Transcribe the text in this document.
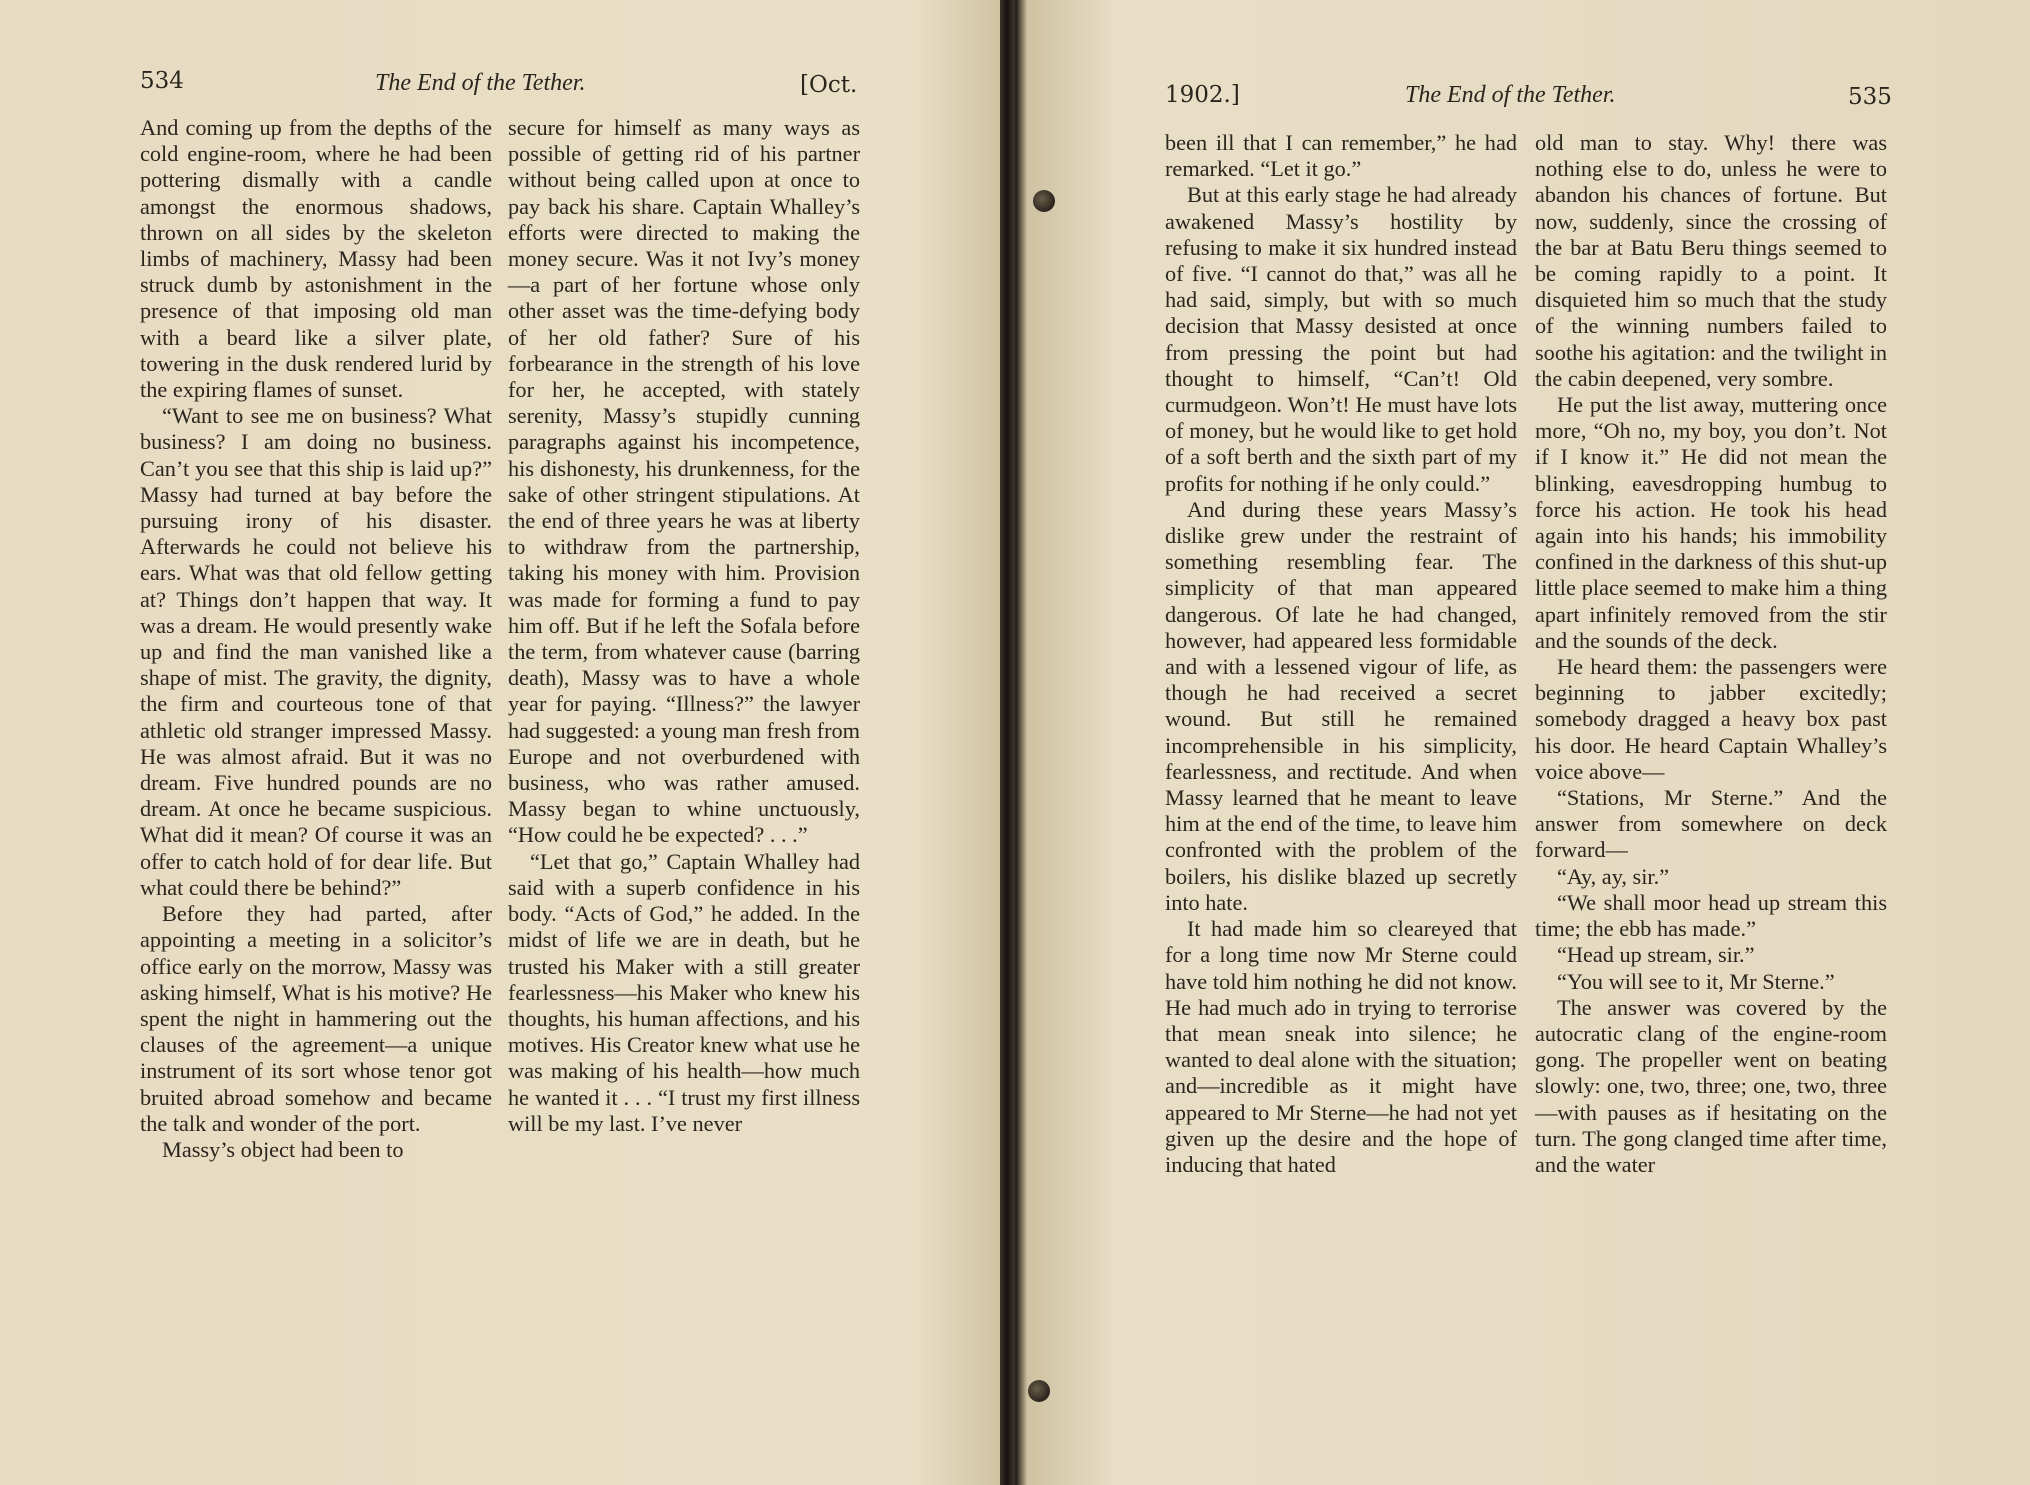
534	The End of the Tether.	[Oct.

And coming up from the depths of the cold engine-room, where he had been pottering dismally with a candle amongst the enormous shadows, thrown on all sides by the skeleton limbs of machinery, Massy had been struck dumb by astonishment in the presence of that imposing old man with a beard like a silver plate, towering in the dusk rendered lurid by the expiring flames of sunset.

“Want to see me on business? What business? I am doing no business. Can’t you see that this ship is laid up?” Massy had turned at bay before the pursuing irony of his disaster. Afterwards he could not believe his ears. What was that old fellow getting at? Things don’t happen that way. It was a dream. He would presently wake up and find the man vanished like a shape of mist. The gravity, the dignity, the firm and courteous tone of that athletic old stranger impressed Massy. He was almost afraid. But it was no dream. Five hundred pounds are no dream. At once he became suspicious. What did it mean? Of course it was an offer to catch hold of for dear life. But what could there be behind?”

Before they had parted, after appointing a meeting in a solicitor’s office early on the morrow, Massy was asking himself, What is his motive? He spent the night in hammering out the clauses of the agreement—a unique instrument of its sort whose tenor got bruited abroad somehow and became the talk and wonder of the port.

Massy’s object had been to

secure for himself as many ways as possible of getting rid of his partner without being called upon at once to pay back his share. Captain Whalley’s efforts were directed to making the money secure. Was it not Ivy’s money—a part of her fortune whose only other asset was the time-defying body of her old father? Sure of his forbearance in the strength of his love for her, he accepted, with stately serenity, Massy’s stupidly cunning paragraphs against his incompetence, his dishonesty, his drunkenness, for the sake of other stringent stipulations. At the end of three years he was at liberty to withdraw from the partnership, taking his money with him. Provision was made for forming a fund to pay him off. But if he left the Sofala before the term, from whatever cause (barring death), Massy was to have a whole year for paying. “Illness?” the lawyer had suggested: a young man fresh from Europe and not overburdened with business, who was rather amused. Massy began to whine unctuously, “How could he be expected? . . .”

“Let that go,” Captain Whalley had said with a superb confidence in his body. “Acts of God,” he added. In the midst of life we are in death, but he trusted his Maker with a still greater fearlessness—his Maker who knew his thoughts, his human affections, and his motives. His Creator knew what use he was making of his health—how much he wanted it . . . “I trust my first illness will be my last. I’ve never

1902.]	The End of the Tether.	535

been ill that I can remember,” he had remarked. “Let it go.”

But at this early stage he had already awakened Massy’s hostility by refusing to make it six hundred instead of five. “I cannot do that,” was all he had said, simply, but with so much decision that Massy desisted at once from pressing the point but had thought to himself, “Can’t! Old curmudgeon. Won’t! He must have lots of money, but he would like to get hold of a soft berth and the sixth part of my profits for nothing if he only could.”

And during these years Massy’s dislike grew under the restraint of something resembling fear. The simplicity of that man appeared dangerous. Of late he had changed, however, had appeared less formidable and with a lessened vigour of life, as though he had received a secret wound. But still he remained incomprehensible in his simplicity, fearlessness, and rectitude. And when Massy learned that he meant to leave him at the end of the time, to leave him confronted with the problem of the boilers, his dislike blazed up secretly into hate.

It had made him so cleareyed that for a long time now Mr Sterne could have told him nothing he did not know. He had much ado in trying to terrorise that mean sneak into silence; he wanted to deal alone with the situation; and—incredible as it might have appeared to Mr Sterne—he had not yet given up the desire and the hope of inducing that hated

old man to stay. Why! there was nothing else to do, unless he were to abandon his chances of fortune. But now, suddenly, since the crossing of the bar at Batu Beru things seemed to be coming rapidly to a point. It disquieted him so much that the study of the winning numbers failed to soothe his agitation: and the twilight in the cabin deepened, very sombre.

He put the list away, muttering once more, “Oh no, my boy, you don’t. Not if I know it.” He did not mean the blinking, eavesdropping humbug to force his action. He took his head again into his hands; his immobility confined in the darkness of this shut-up little place seemed to make him a thing apart infinitely removed from the stir and the sounds of the deck.

He heard them: the passengers were beginning to jabber excitedly; somebody dragged a heavy box past his door. He heard Captain Whalley’s voice above—

“Stations, Mr Sterne.” And the answer from somewhere on deck forward—

“Ay, ay, sir.”

“We shall moor head up stream this time; the ebb has made.”

“Head up stream, sir.”

“You will see to it, Mr Sterne.”

The answer was covered by the autocratic clang of the engine-room gong. The propeller went on beating slowly: one, two, three; one, two, three—with pauses as if hesitating on the turn. The gong clanged time after time, and the water
